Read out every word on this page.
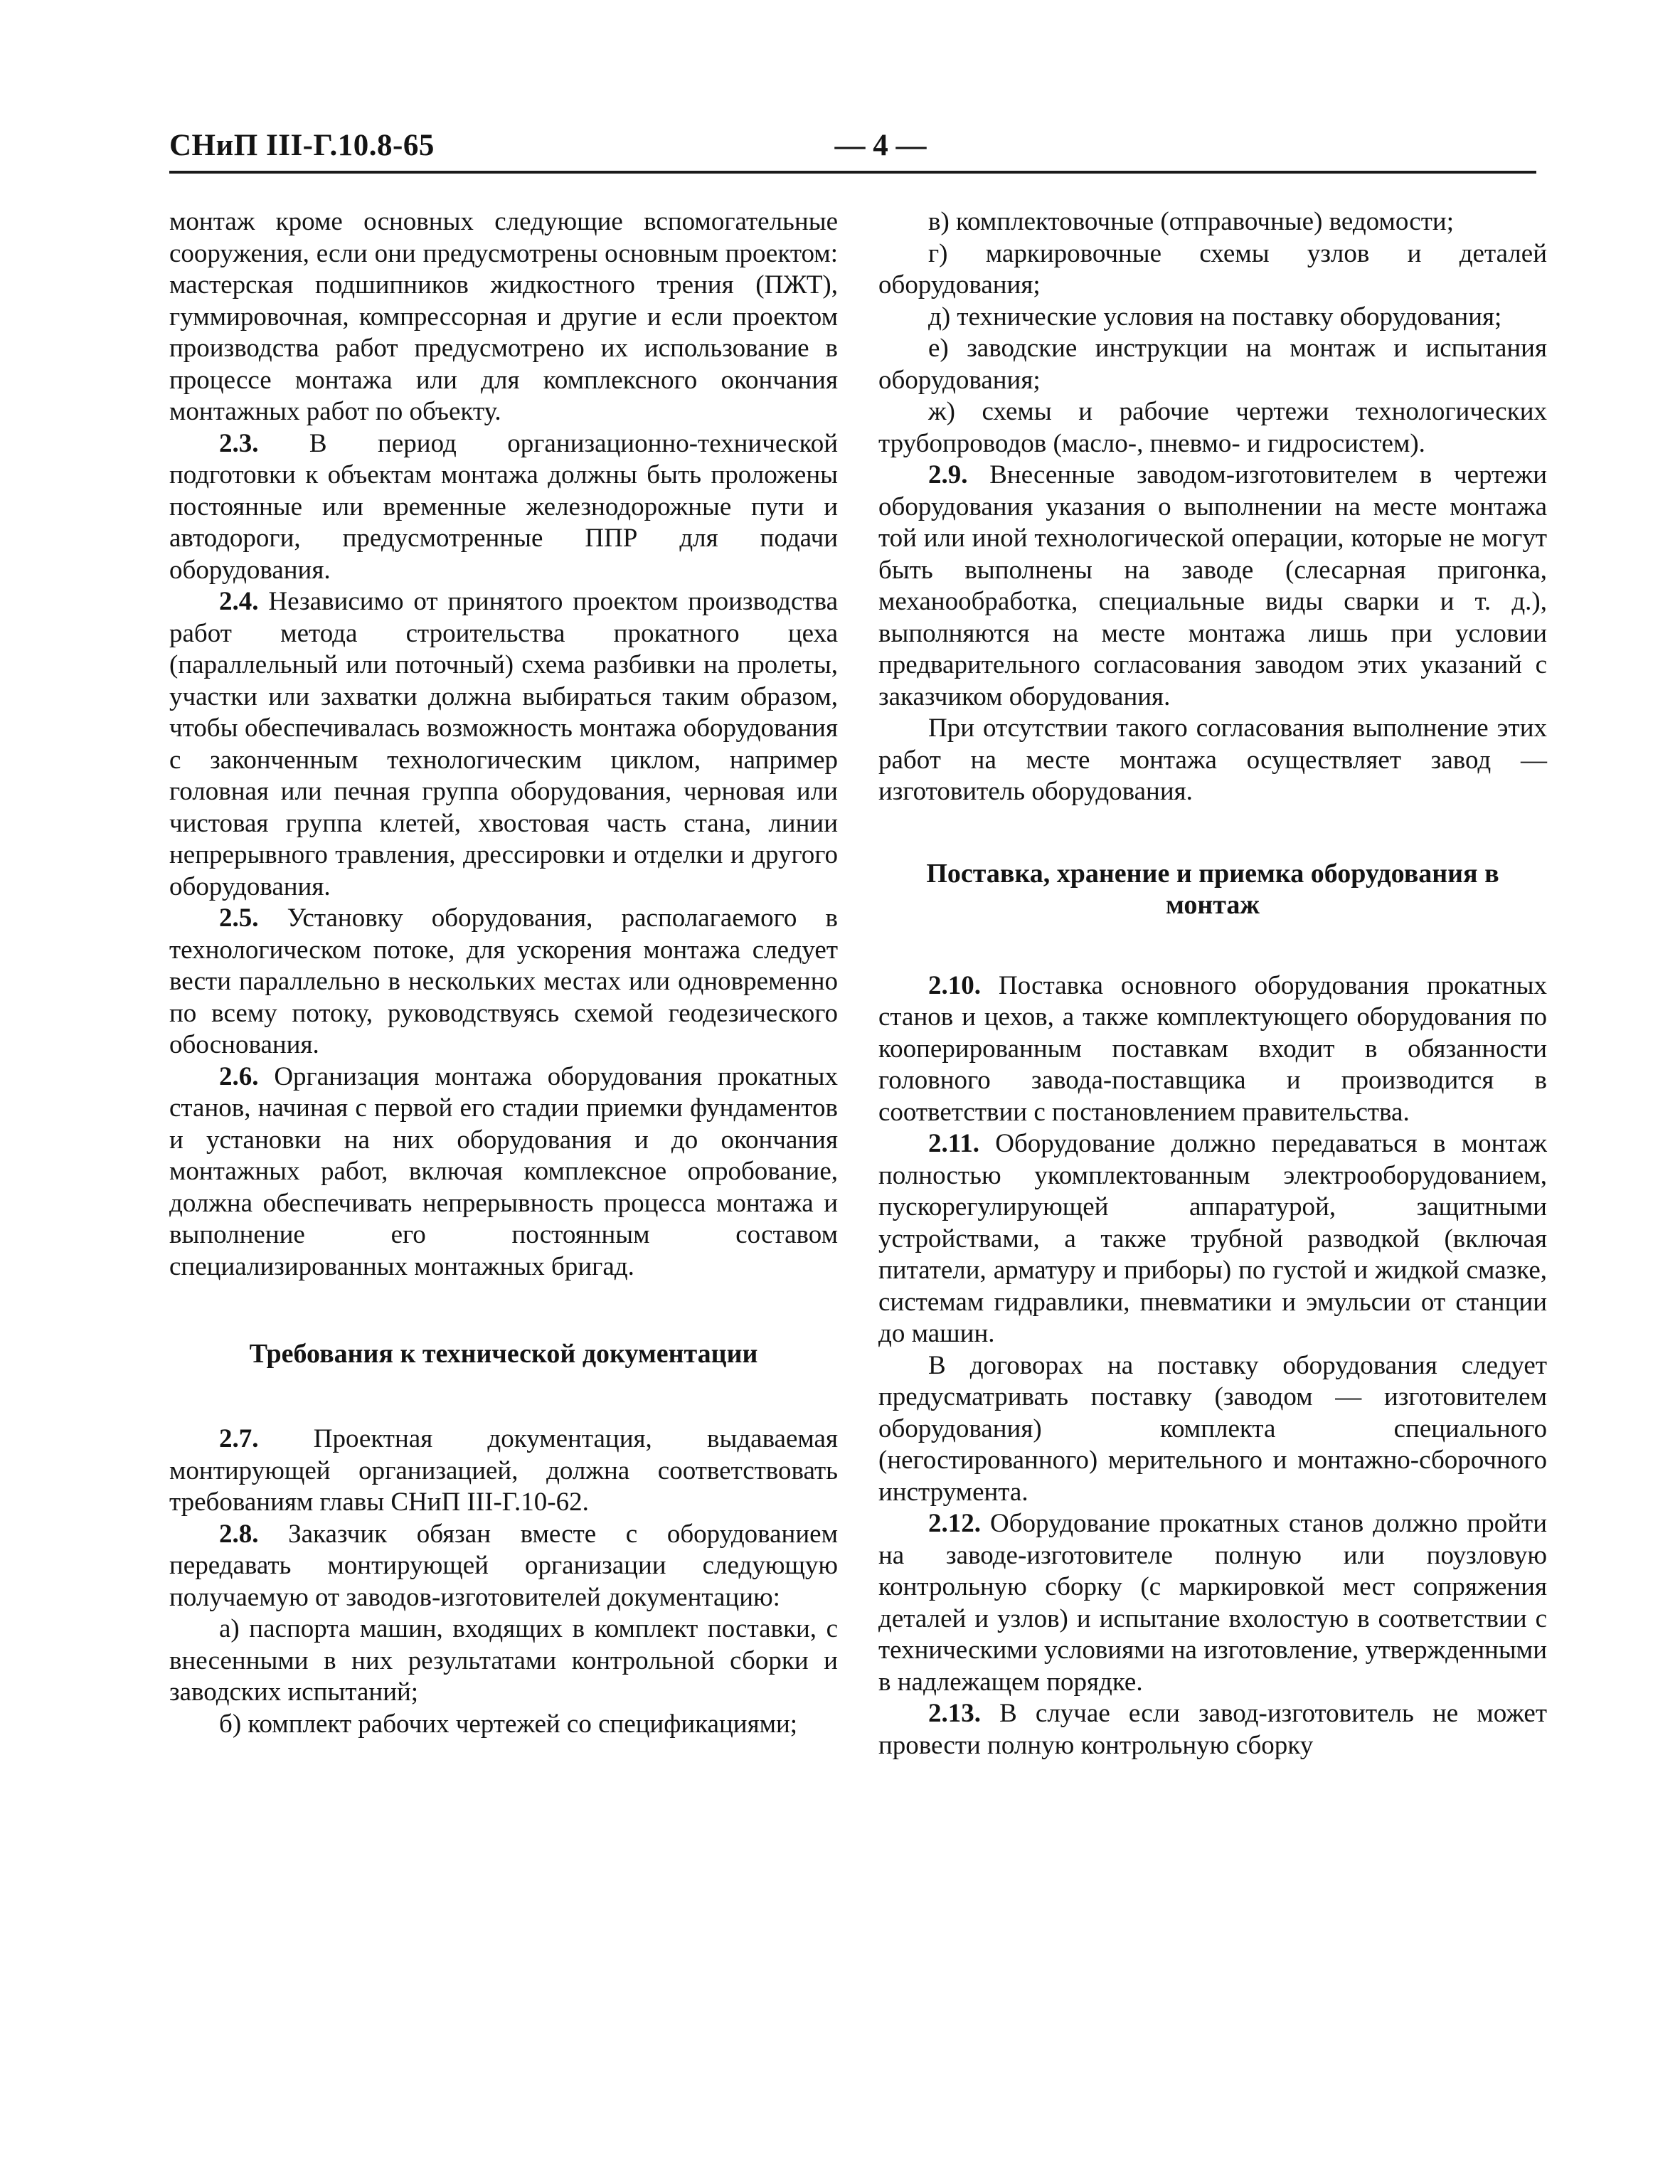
СНиП III-Г.10.8-65	— 4 —

монтаж кроме основных следующие вспомогательные сооружения, если они предусмотрены основным проектом: мастерская подшипников жидкостного трения (ПЖТ), гуммировочная, компрессорная и другие и если проектом производства работ предусмотрено их использование в процессе монтажа или для комплексного окончания монтажных работ по объекту.

2.3. В период организационно-технической подготовки к объектам монтажа должны быть проложены постоянные или временные железнодорожные пути и автодороги, предусмотренные ППР для подачи оборудования.

2.4. Независимо от принятого проектом производства работ метода строительства прокатного цеха (параллельный или поточный) схема разбивки на пролеты, участки или захватки должна выбираться таким образом, чтобы обеспечивалась возможность монтажа оборудования с законченным технологическим циклом, например головная или печная группа оборудования, черновая или чистовая группа клетей, хвостовая часть стана, линии непрерывного травления, дрессировки и отделки и другого оборудования.

2.5. Установку оборудования, располагаемого в технологическом потоке, для ускорения монтажа следует вести параллельно в нескольких местах или одновременно по всему потоку, руководствуясь схемой геодезического обоснования.

2.6. Организация монтажа оборудования прокатных станов, начиная с первой его стадии приемки фундаментов и установки на них оборудования и до окончания монтажных работ, включая комплексное опробование, должна обеспечивать непрерывность процесса монтажа и выполнение его постоянным составом специализированных монтажных бригад.

Требования к технической документации

2.7. Проектная документация, выдаваемая монтирующей организацией, должна соответствовать требованиям главы СНиП III-Г.10-62.

2.8. Заказчик обязан вместе с оборудованием передавать монтирующей организации следующую получаемую от заводов-изготовителей документацию:

а) паспорта машин, входящих в комплект поставки, с внесенными в них результатами контрольной сборки и заводских испытаний;

б) комплект рабочих чертежей со спецификациями;

в) комплектовочные (отправочные) ведомости;

г) маркировочные схемы узлов и деталей оборудования;

д) технические условия на поставку оборудования;

е) заводские инструкции на монтаж и испытания оборудования;

ж) схемы и рабочие чертежи технологических трубопроводов (масло-, пневмо- и гидросистем).

2.9. Внесенные заводом-изготовителем в чертежи оборудования указания о выполнении на месте монтажа той или иной технологической операции, которые не могут быть выполнены на заводе (слесарная пригонка, механообработка, специальные виды сварки и т. д.), выполняются на месте монтажа лишь при условии предварительного согласования заводом этих указаний с заказчиком оборудования.

При отсутствии такого согласования выполнение этих работ на месте монтажа осуществляет завод — изготовитель оборудования.

Поставка, хранение и приемка оборудования в монтаж

2.10. Поставка основного оборудования прокатных станов и цехов, а также комплектующего оборудования по кооперированным поставкам входит в обязанности головного завода-поставщика и производится в соответствии с постановлением правительства.

2.11. Оборудование должно передаваться в монтаж полностью укомплектованным электрооборудованием, пускорегулирующей аппаратурой, защитными устройствами, а также трубной разводкой (включая питатели, арматуру и приборы) по густой и жидкой смазке, системам гидравлики, пневматики и эмульсии от станции до машин.

В договорах на поставку оборудования следует предусматривать поставку (заводом — изготовителем оборудования) комплекта специального (негостированного) мерительного и монтажно-сборочного инструмента.

2.12. Оборудование прокатных станов должно пройти на заводе-изготовителе полную или поузловую контрольную сборку (с маркировкой мест сопряжения деталей и узлов) и испытание вхолостую в соответствии с техническими условиями на изготовление, утвержденными в надлежащем порядке.

2.13. В случае если завод-изготовитель не может провести полную контрольную сборку
